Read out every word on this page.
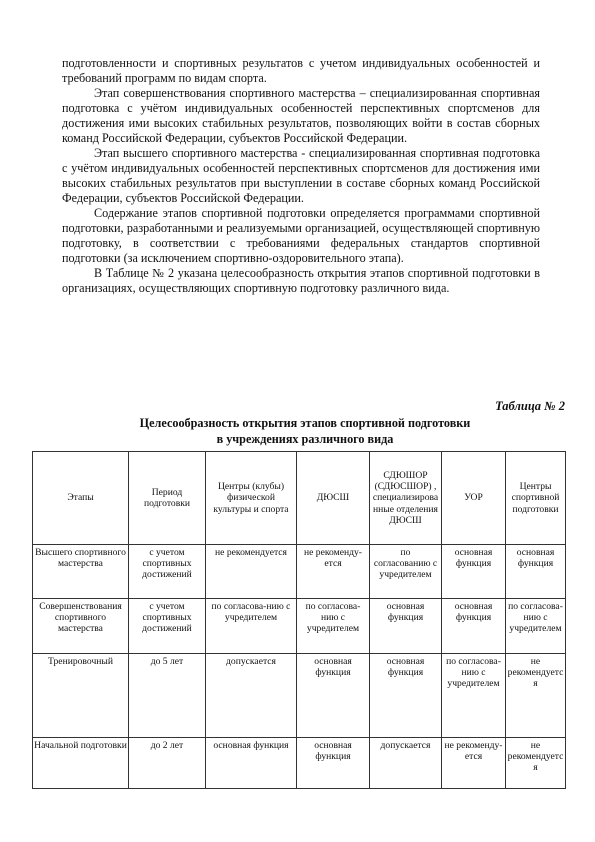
подготовленности и спортивных результатов с учетом индивидуальных особенностей и требований программ по видам спорта.

Этап совершенствования спортивного мастерства – специализированная спортивная подготовка с учётом индивидуальных особенностей перспективных спортсменов для достижения ими высоких стабильных результатов, позволяющих войти в состав сборных команд Российской Федерации, субъектов Российской Федерации.

Этап высшего спортивного мастерства - специализированная спортивная подготовка с учётом индивидуальных особенностей перспективных спортсменов для достижения ими высоких стабильных результатов при выступлении в составе сборных команд Российской Федерации, субъектов Российской Федерации.

Содержание этапов спортивной подготовки определяется программами спортивной подготовки, разработанными и реализуемыми организацией, осуществляющей спортивную подготовку, в соответствии с требованиями федеральных стандартов спортивной подготовки (за исключением спортивно-оздоровительного этапа).

В Таблице № 2 указана целесообразность открытия этапов спортивной подготовки в организациях, осуществляющих спортивную подготовку различного вида.

Таблица № 2
Целесообразность открытия этапов спортивной подготовки
в учреждениях различного вида
Этапы	Период подготовки	Центры (клубы) физической культуры и спорта	ДЮСШ	СДЮШОР (СДЮСШОР) , специализированные отделения ДЮСШ	УОР	Центры спортивной подготовки
Высшего спортивного мастерства	с учетом спортивных достижений	не рекомендуется	не рекоменду-ется	по согласованию с учредителем	основная функция	основная функция
Совершенствования спортивного мастерства	с учетом спортивных достижений	по согласова-нию с учредителем	по согласова-нию с учредителем	основная функция	основная функция	по согласова-нию с учредителем
Тренировочный	до 5 лет	допускается	основная функция	основная функция	по согласова-нию с учредителем	не рекомендуется
Начальной подготовки	до 2 лет	основная функция	основная функция	допускается	не рекоменду-ется	не рекомендуется
